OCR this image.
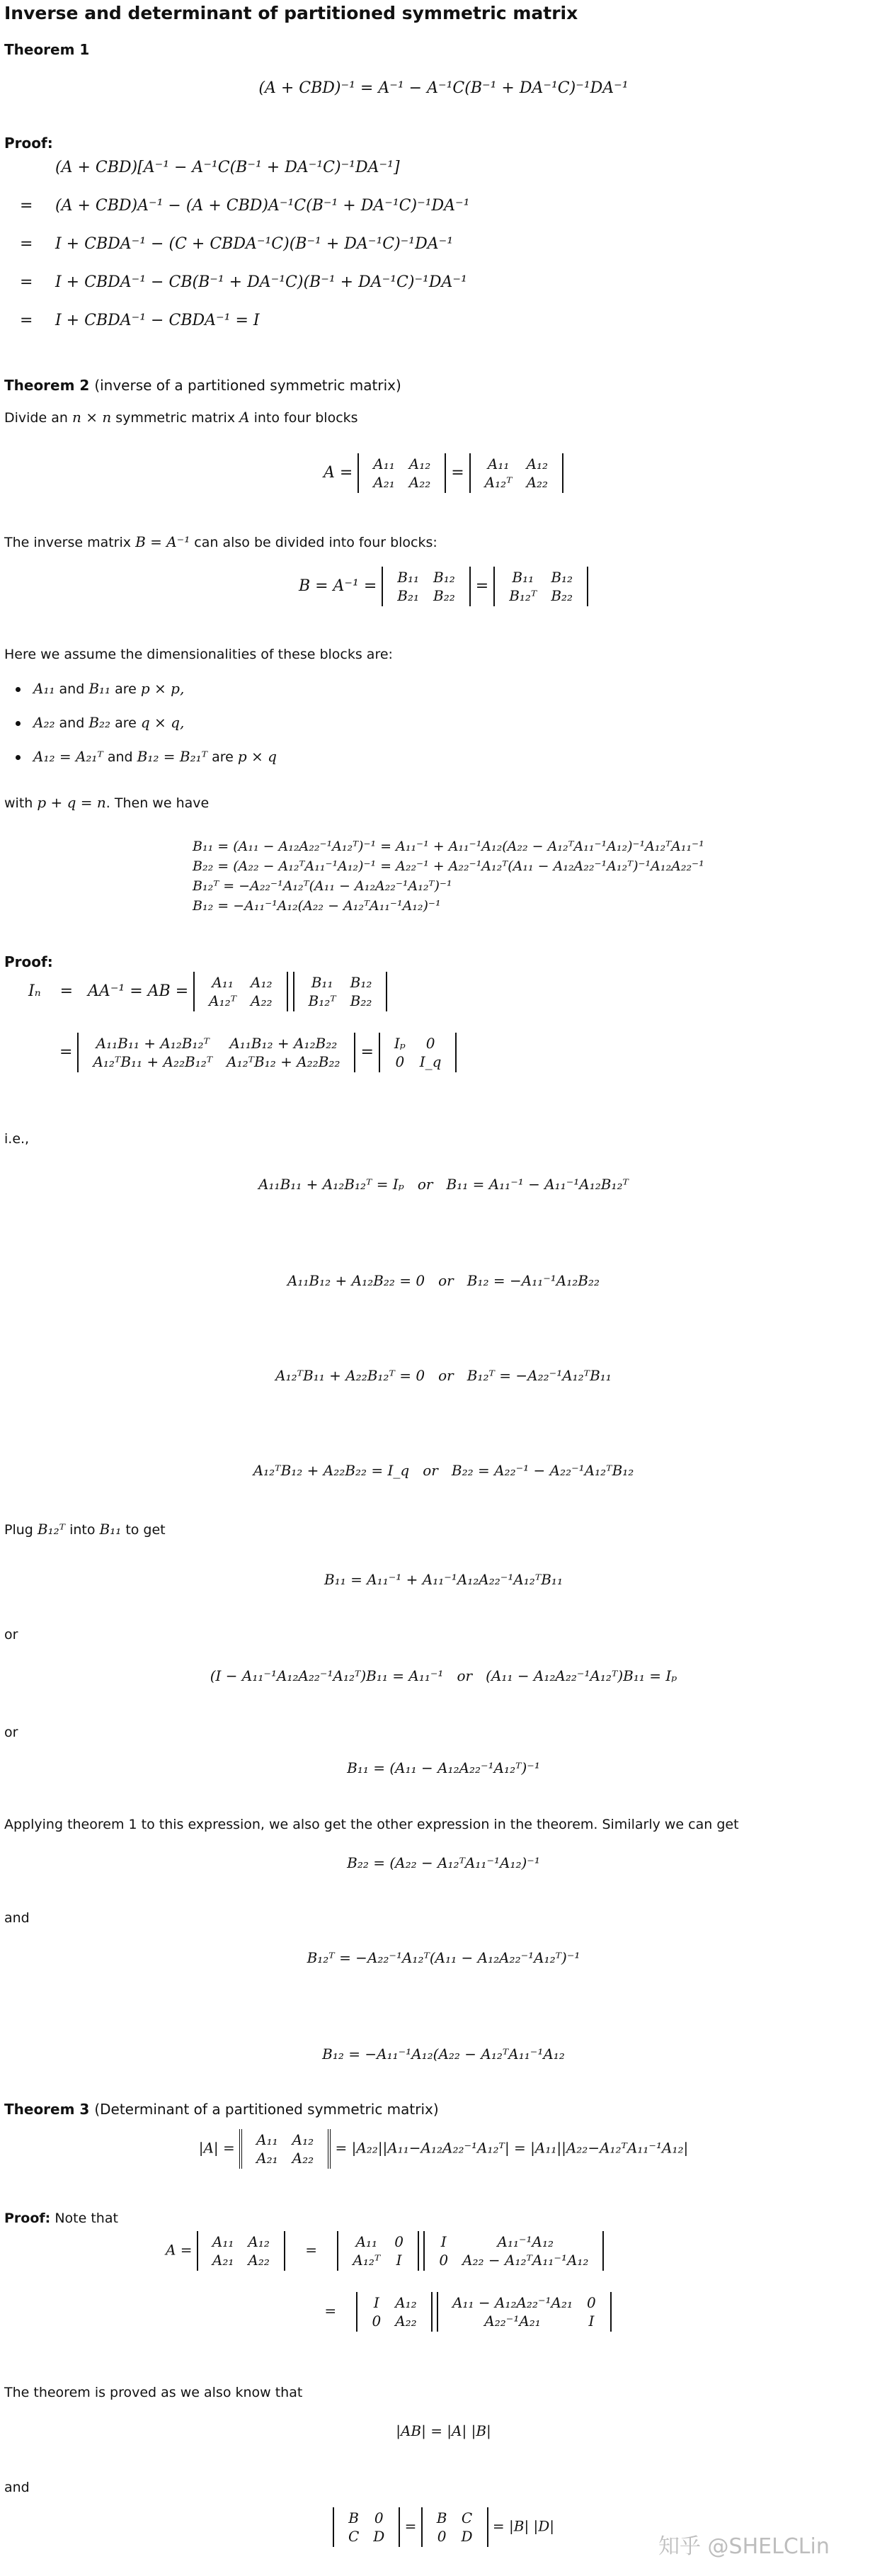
Inverse and determinant of partitioned symmetric matrix
Theorem 1
(A + CBD)⁻¹ = A⁻¹ − A⁻¹C(B⁻¹ + DA⁻¹C)⁻¹DA⁻¹
Proof:
(A + CBD)[A⁻¹ − A⁻¹C(B⁻¹ + DA⁻¹C)⁻¹DA⁻¹]
= (A + CBD)A⁻¹ − (A + CBD)A⁻¹C(B⁻¹ + DA⁻¹C)⁻¹DA⁻¹
= I + CBDA⁻¹ − (C + CBDA⁻¹C)(B⁻¹ + DA⁻¹C)⁻¹DA⁻¹
= I + CBDA⁻¹ − CB(B⁻¹ + DA⁻¹C)(B⁻¹ + DA⁻¹C)⁻¹DA⁻¹
= I + CBDA⁻¹ − CBDA⁻¹ = I
Theorem 2 (inverse of a partitioned symmetric matrix)
Divide an n × n symmetric matrix A into four blocks
A = A₁₁	A₁₂
A₂₁	A₂₂
= A₁₁	A₁₂
A₁₂ᵀ	A₂₂
The inverse matrix B = A⁻¹ can also be divided into four blocks:
B = A⁻¹ = B₁₁	B₁₂
B₂₁	B₂₂
= B₁₁	B₁₂
B₁₂ᵀ	B₂₂
Here we assume the dimensionalities of these blocks are:
A₁₁ and B₁₁ are p × p,
A₂₂ and B₂₂ are q × q,
A₁₂ = A₂₁ᵀ and B₁₂ = B₂₁ᵀ are p × q
with p + q = n. Then we have
B₁₁ = (A₁₁ − A₁₂A₂₂⁻¹A₁₂ᵀ)⁻¹ = A₁₁⁻¹ + A₁₁⁻¹A₁₂(A₂₂ − A₁₂ᵀA₁₁⁻¹A₁₂)⁻¹A₁₂ᵀA₁₁⁻¹
B₂₂ = (A₂₂ − A₁₂ᵀA₁₁⁻¹A₁₂)⁻¹ = A₂₂⁻¹ + A₂₂⁻¹A₁₂ᵀ(A₁₁ − A₁₂A₂₂⁻¹A₁₂ᵀ)⁻¹A₁₂A₂₂⁻¹
B₁₂ᵀ = −A₂₂⁻¹A₁₂ᵀ(A₁₁ − A₁₂A₂₂⁻¹A₁₂ᵀ)⁻¹
B₁₂ = −A₁₁⁻¹A₁₂(A₂₂ − A₁₂ᵀA₁₁⁻¹A₁₂)⁻¹
Proof:
Iₙ = AA⁻¹ = AB = A₁₁	A₁₂
A₁₂ᵀ	A₂₂

B₁₁	B₁₂
B₁₂ᵀ	B₂₂
= A₁₁B₁₁ + A₁₂B₁₂ᵀ	A₁₁B₁₂ + A₁₂B₂₂
A₁₂ᵀB₁₁ + A₂₂B₁₂ᵀ	A₁₂ᵀB₁₂ + A₂₂B₂₂
= Iₚ	0
0	I_q
i.e.,
A₁₁B₁₁ + A₁₂B₁₂ᵀ = Iₚ   or   B₁₁ = A₁₁⁻¹ − A₁₁⁻¹A₁₂B₁₂ᵀ
A₁₁B₁₂ + A₁₂B₂₂ = 0   or   B₁₂ = −A₁₁⁻¹A₁₂B₂₂
A₁₂ᵀB₁₁ + A₂₂B₁₂ᵀ = 0   or   B₁₂ᵀ = −A₂₂⁻¹A₁₂ᵀB₁₁
A₁₂ᵀB₁₂ + A₂₂B₂₂ = I_q   or   B₂₂ = A₂₂⁻¹ − A₂₂⁻¹A₁₂ᵀB₁₂
Plug B₁₂ᵀ into B₁₁ to get
B₁₁ = A₁₁⁻¹ + A₁₁⁻¹A₁₂A₂₂⁻¹A₁₂ᵀB₁₁
or
(I − A₁₁⁻¹A₁₂A₂₂⁻¹A₁₂ᵀ)B₁₁ = A₁₁⁻¹   or   (A₁₁ − A₁₂A₂₂⁻¹A₁₂ᵀ)B₁₁ = Iₚ
or
B₁₁ = (A₁₁ − A₁₂A₂₂⁻¹A₁₂ᵀ)⁻¹
Applying theorem 1 to this expression, we also get the other expression in the theorem. Similarly we can get
B₂₂ = (A₂₂ − A₁₂ᵀA₁₁⁻¹A₁₂)⁻¹
and
B₁₂ᵀ = −A₂₂⁻¹A₁₂ᵀ(A₁₁ − A₁₂A₂₂⁻¹A₁₂ᵀ)⁻¹
B₁₂ = −A₁₁⁻¹A₁₂(A₂₂ − A₁₂ᵀA₁₁⁻¹A₁₂
Theorem 3 (Determinant of a partitioned symmetric matrix)
|A| = A₁₁	A₁₂
A₂₁	A₂₂
= |A₂₂||A₁₁−A₁₂A₂₂⁻¹A₁₂ᵀ| = |A₁₁||A₂₂−A₁₂ᵀA₁₁⁻¹A₁₂|
Proof: Note that
A = A₁₁	A₁₂
A₂₁	A₂₂
=	A₁₁	0
A₁₂ᵀ	I

I	A₁₁⁻¹A₁₂
0	A₂₂ − A₁₂ᵀA₁₁⁻¹A₁₂
=	I	A₁₂
0	A₂₂

A₁₁ − A₁₂A₂₂⁻¹A₂₁	0
A₂₂⁻¹A₂₁	I
The theorem is proved as we also know that
|AB| = |A| |B|
and
B	0
C	D
= B	C
0	D
= |B| |D|
知乎 @SHELCLin
